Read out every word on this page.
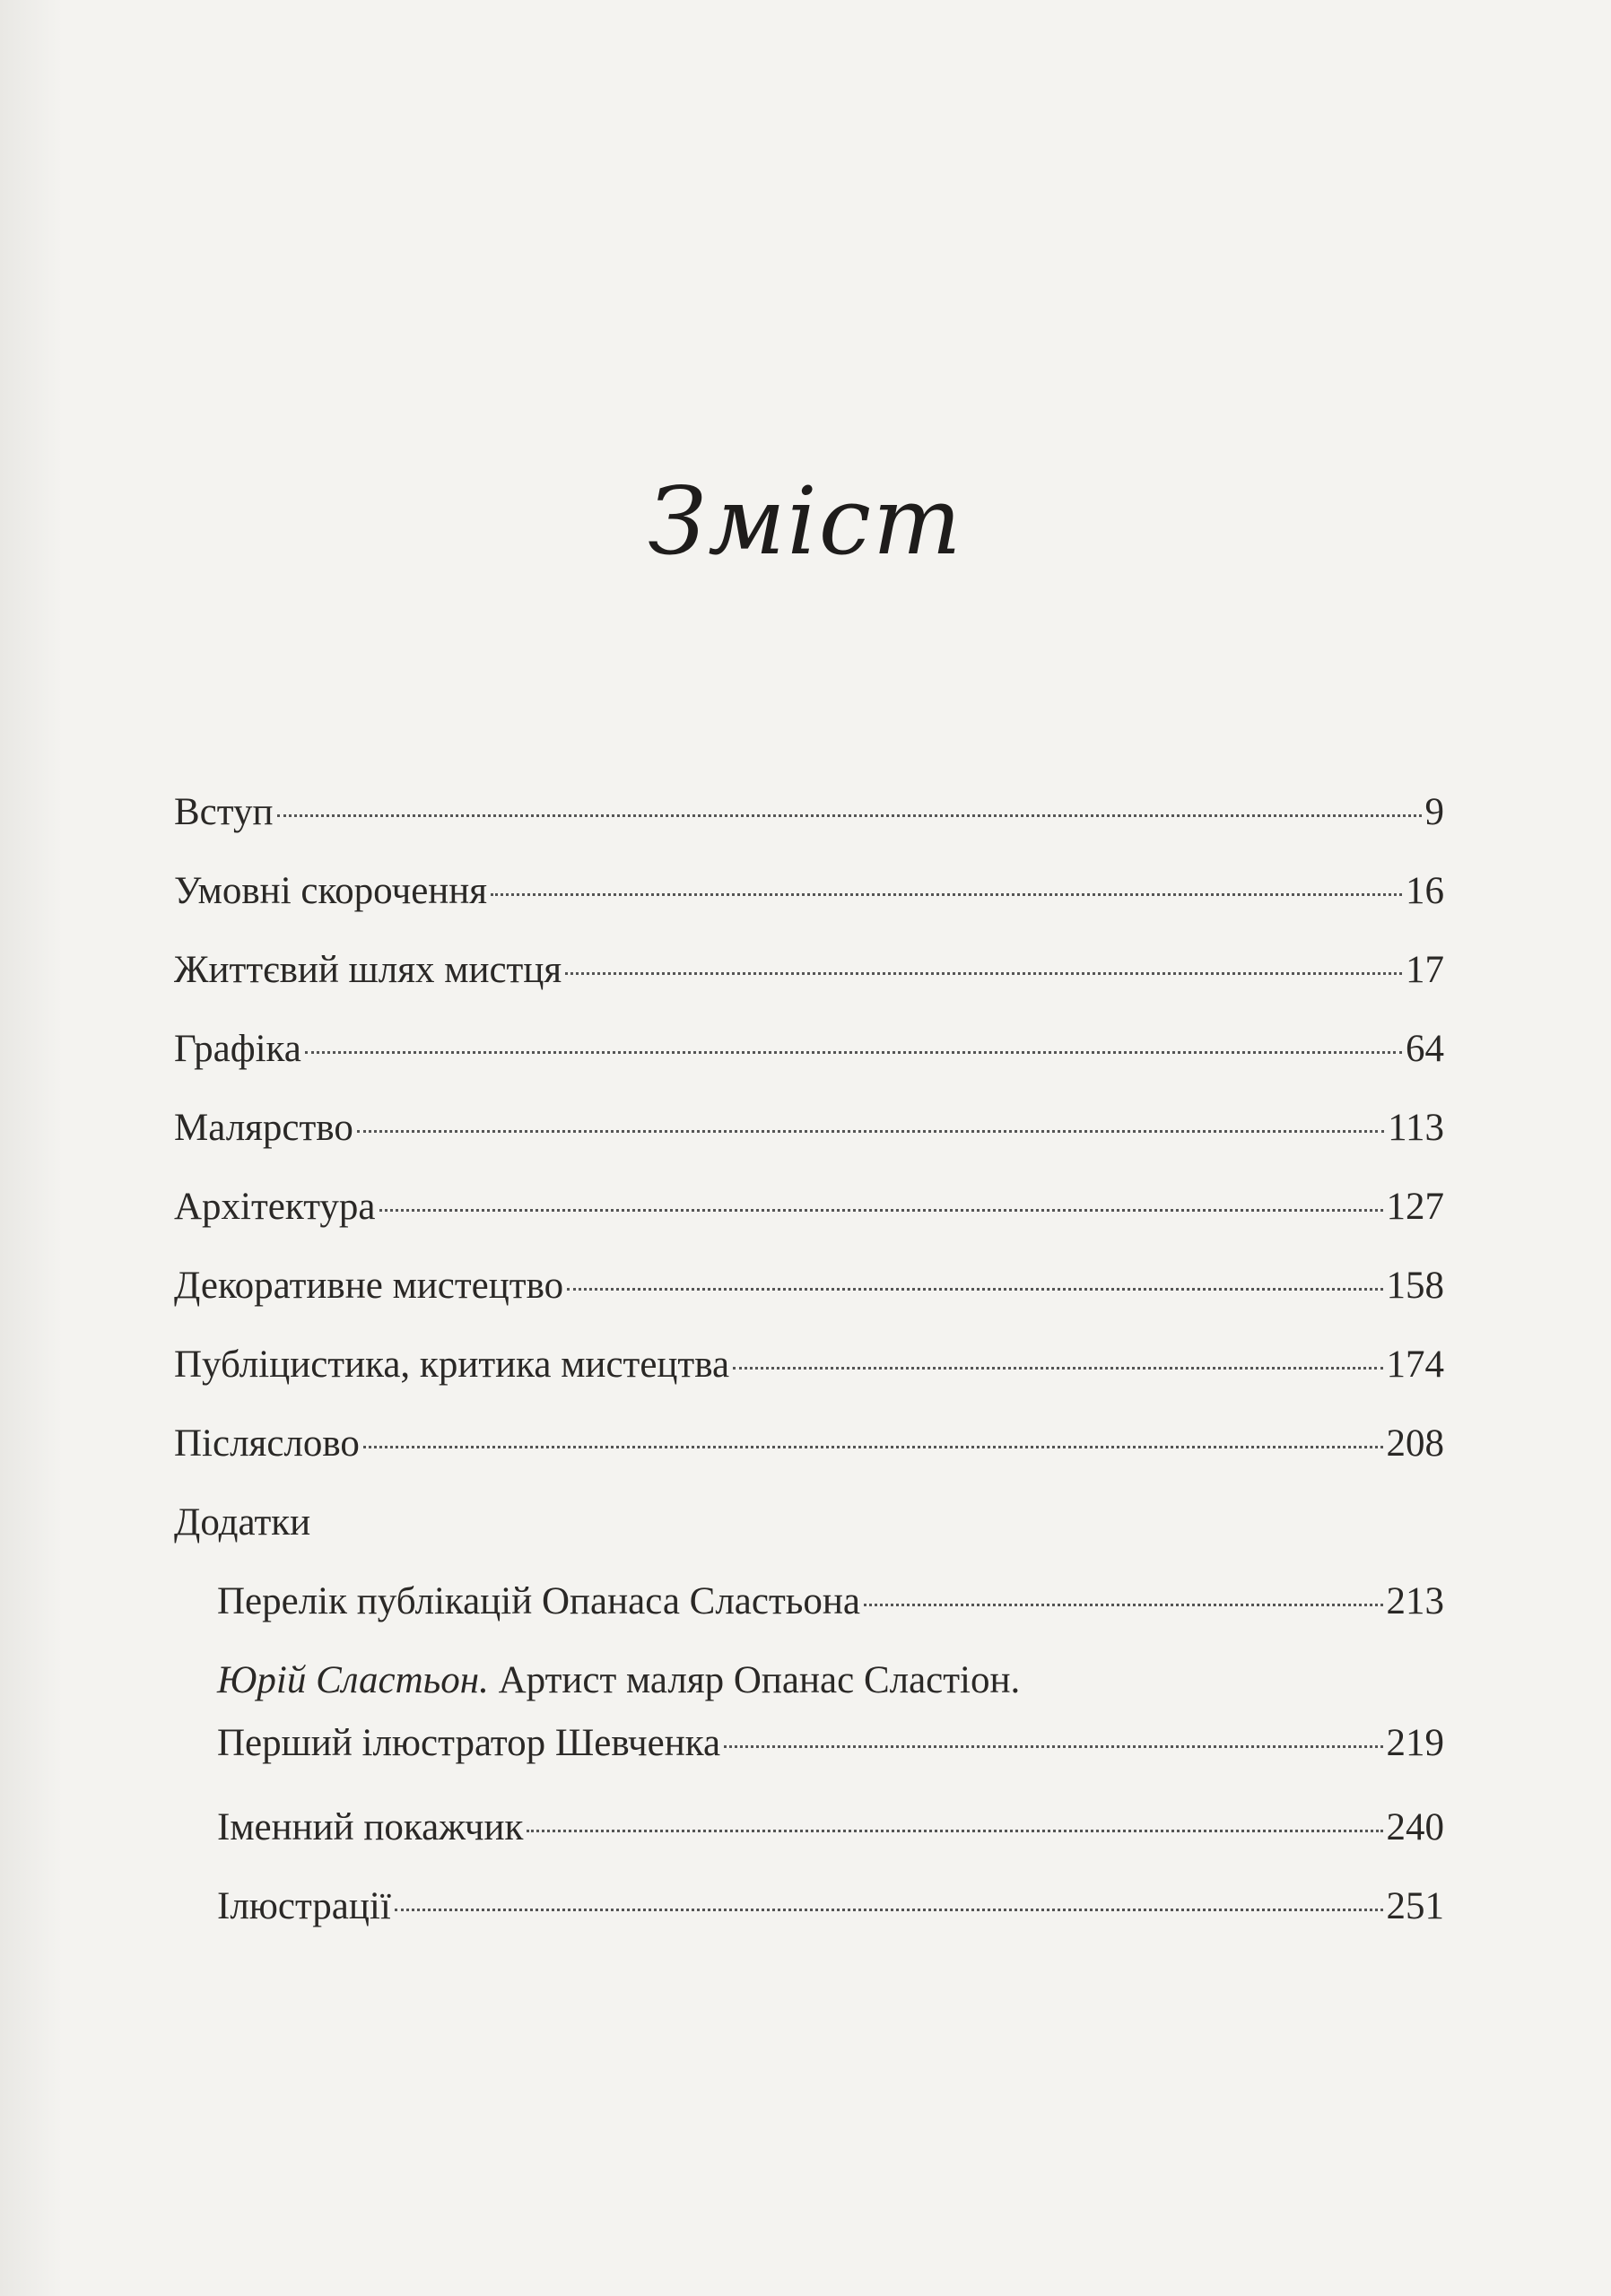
Зміст
Вступ	9
Умовні скорочення	16
Життєвий шлях мистця	17
Графіка	64
Малярство	113
Архітектура	127
Декоративне мистецтво	158
Публіцистика, критика мистецтва	174
Післяслово	208
Додатки
Перелік публікацій Опанаса Сластьона	213
Юрій Сластьон. Артист маляр Опанас Сластіон.
Перший ілюстратор Шевченка	219
Іменний покажчик	240
Ілюстрації	251
